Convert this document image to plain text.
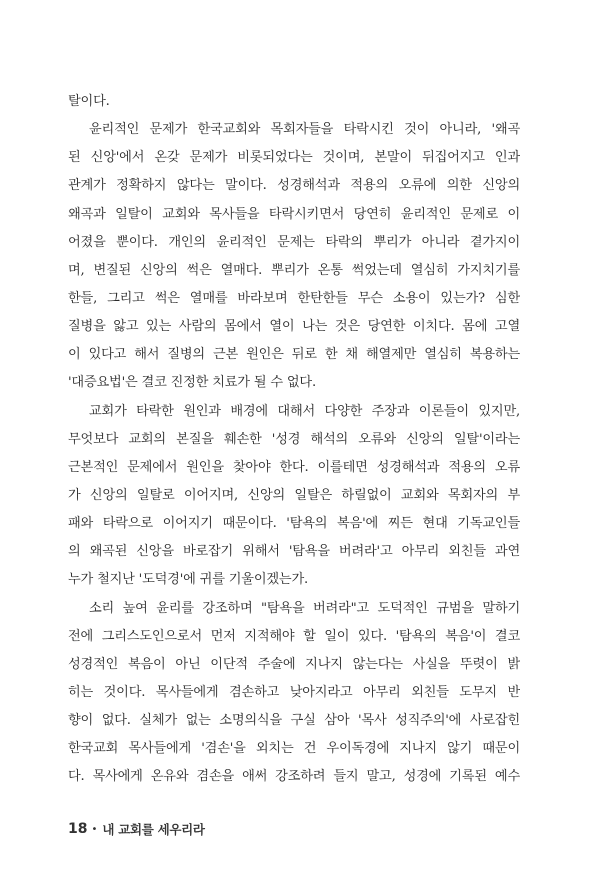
탈이다.
윤리적인 문제가 한국교회와 목회자들을 타락시킨 것이 아니라, '왜곡
된 신앙'에서 온갖 문제가 비롯되었다는 것이며, 본말이 뒤집어지고 인과
관계가 정확하지 않다는 말이다. 성경해석과 적용의 오류에 의한 신앙의
왜곡과 일탈이 교회와 목사들을 타락시키면서 당연히 윤리적인 문제로 이
어졌을 뿐이다. 개인의 윤리적인 문제는 타락의 뿌리가 아니라 곁가지이
며, 변질된 신앙의 썩은 열매다. 뿌리가 온통 썩었는데 열심히 가지치기를
한들, 그리고 썩은 열매를 바라보며 한탄한들 무슨 소용이 있는가? 심한
질병을 앓고 있는 사람의 몸에서 열이 나는 것은 당연한 이치다. 몸에 고열
이 있다고 해서 질병의 근본 원인은 뒤로 한 채 해열제만 열심히 복용하는
'대증요법'은 결코 진정한 치료가 될 수 없다.
교회가 타락한 원인과 배경에 대해서 다양한 주장과 이론들이 있지만,
무엇보다 교회의 본질을 훼손한 '성경 해석의 오류와 신앙의 일탈'이라는
근본적인 문제에서 원인을 찾아야 한다. 이를테면 성경해석과 적용의 오류
가 신앙의 일탈로 이어지며, 신앙의 일탈은 하릴없이 교회와 목회자의 부
패와 타락으로 이어지기 때문이다. '탐욕의 복음'에 찌든 현대 기독교인들
의 왜곡된 신앙을 바로잡기 위해서 '탐욕을 버려라'고 아무리 외친들 과연
누가 철지난 '도덕경'에 귀를 기울이겠는가.
소리 높여 윤리를 강조하며 "탐욕을 버려라"고 도덕적인 규범을 말하기
전에 그리스도인으로서 먼저 지적해야 할 일이 있다. '탐욕의 복음'이 결코
성경적인 복음이 아닌 이단적 주술에 지나지 않는다는 사실을 뚜렷이 밝
히는 것이다. 목사들에게 겸손하고 낮아지라고 아무리 외친들 도무지 반
향이 없다. 실체가 없는 소명의식을 구실 삼아 '목사 성직주의'에 사로잡힌
한국교회 목사들에게 '겸손'을 외치는 건 우이독경에 지나지 않기 때문이
다. 목사에게 온유와 겸손을 애써 강조하려 들지 말고, 성경에 기록된 예수
18 • 내 교회를 세우리라
